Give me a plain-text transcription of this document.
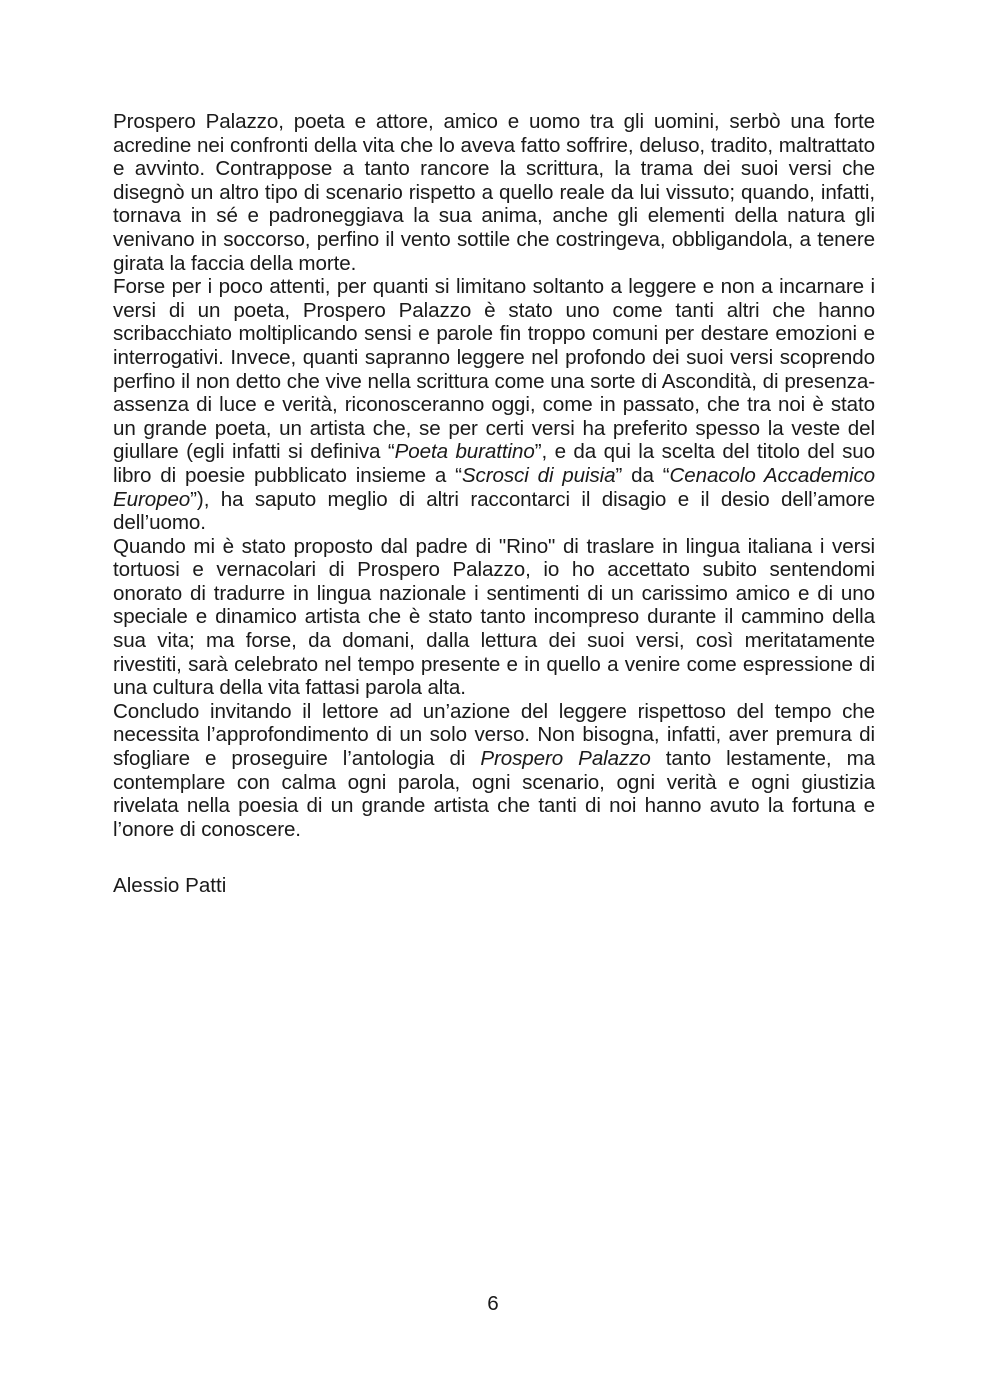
Prospero Palazzo, poeta e attore, amico e uomo tra gli uomini, serbò una forte acredine nei confronti della vita che lo aveva fatto soffrire, deluso, tradito, maltrattato e avvinto. Contrappose a tanto rancore la scrittura, la trama dei suoi versi che disegnò un altro tipo di scenario rispetto a quello reale da lui vissuto; quando, infatti, tornava in sé e padroneggiava la sua anima, anche gli elementi della natura gli venivano in soccorso, perfino il vento sottile che costringeva, obbligandola, a tenere girata la faccia della morte.

Forse per i poco attenti, per quanti si limitano soltanto a leggere e non a incarnare i versi di un poeta, Prospero Palazzo è stato uno come tanti altri che hanno scribacchiato moltiplicando sensi e parole fin troppo comuni per destare emozioni e interrogativi. Invece, quanti sapranno leggere nel profondo dei suoi versi scoprendo perfino il non detto che vive nella scrittura come una sorte di Ascondità, di presenza-assenza di luce e verità, riconosceranno oggi, come in passato, che tra noi è stato un grande poeta, un artista che, se per certi versi ha preferito spesso la veste del giullare (egli infatti si definiva “Poeta burattino”, e da qui la scelta del titolo del suo libro di poesie pubblicato insieme a “Scrosci di puisia” da “Cenacolo Accademico Europeo”), ha saputo meglio di altri raccontarci il disagio e il desio dell’amore dell’uomo.

Quando mi è stato proposto dal padre di "Rino" di traslare in lingua italiana i versi tortuosi e vernacolari di Prospero Palazzo, io ho accettato subito sentendomi onorato di tradurre in lingua nazionale i sentimenti di un carissimo amico e di uno speciale e dinamico artista che è stato tanto incompreso durante il cammino della sua vita; ma forse, da domani, dalla lettura dei suoi versi, così meritatamente rivestiti, sarà celebrato nel tempo presente e in quello a venire come espressione di una cultura della vita fattasi parola alta.

Concludo invitando il lettore ad un’azione del leggere rispettoso del tempo che necessita l’approfondimento di un solo verso. Non bisogna, infatti, aver premura di sfogliare e proseguire l’antologia di Prospero Palazzo tanto lestamente, ma contemplare con calma ogni parola, ogni scenario, ogni verità e ogni giustizia rivelata nella poesia di un grande artista che tanti di noi hanno avuto la fortuna e l’onore di conoscere.

Alessio Patti
6
